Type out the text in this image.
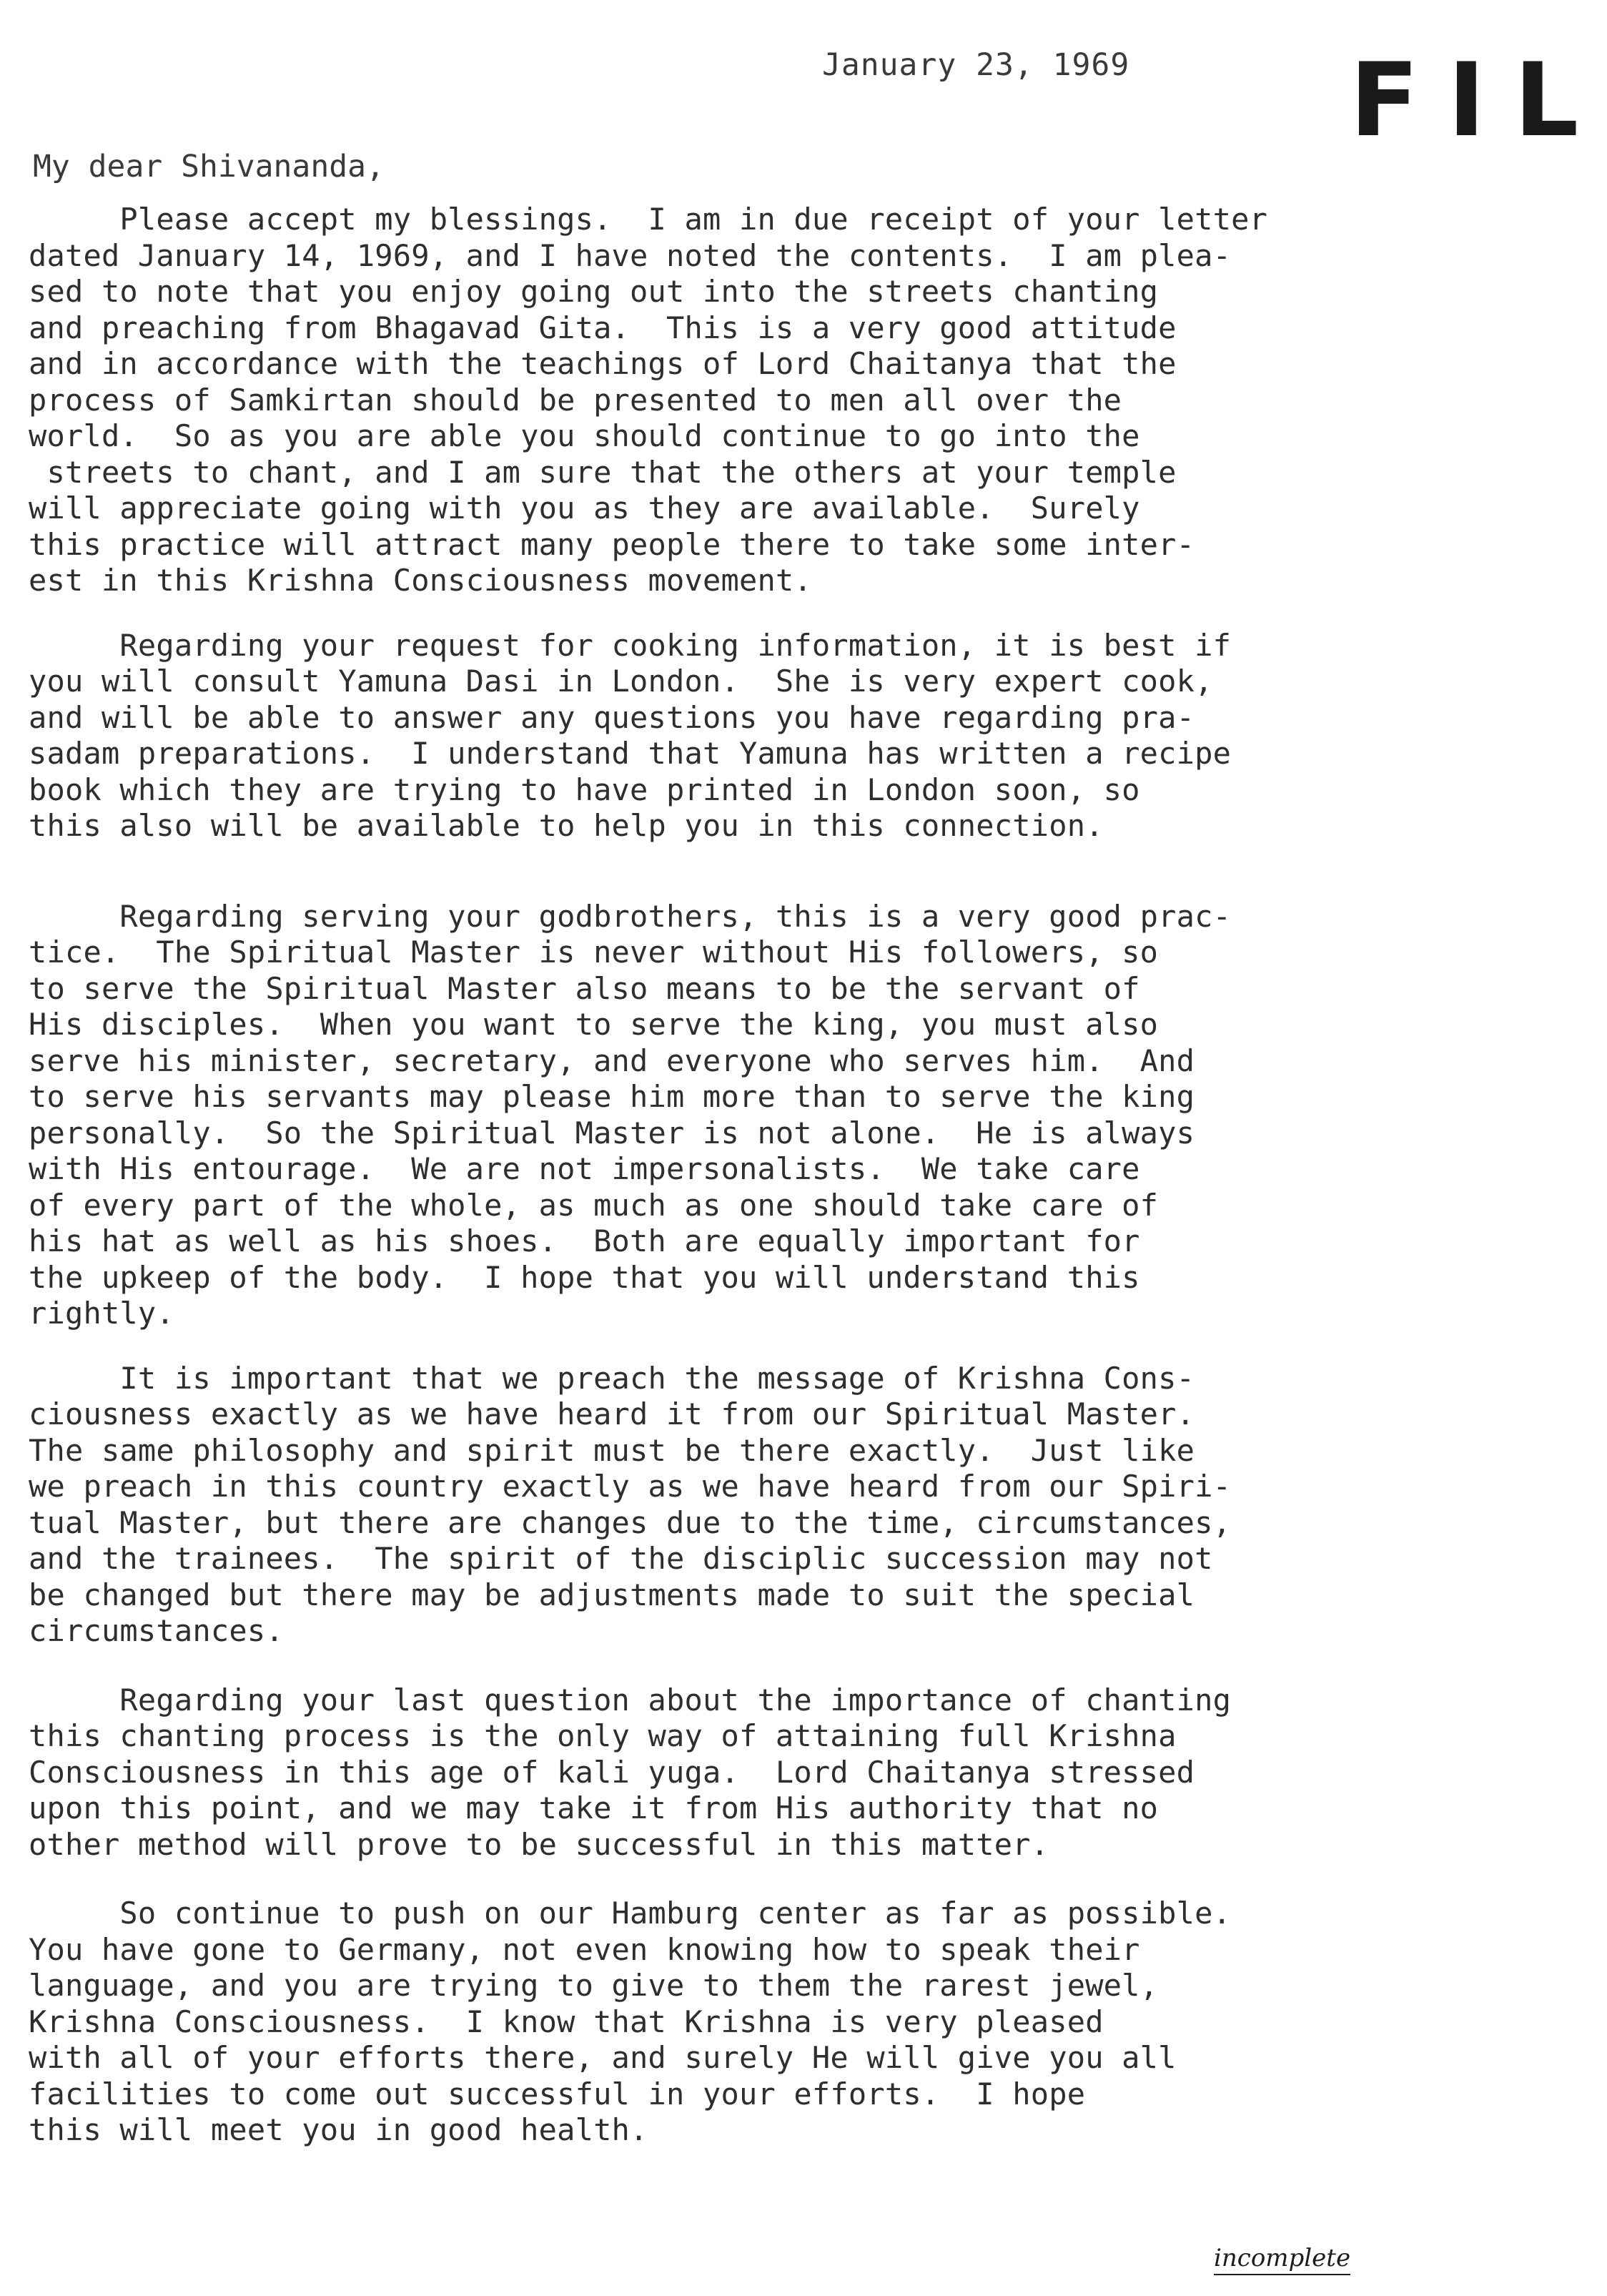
January 23, 1969 FIL
My dear Shivananda,
Please accept my blessings.  I am in due receipt of your letter
dated January 14, 1969, and I have noted the contents.  I am plea-
sed to note that you enjoy going out into the streets chanting
and preaching from Bhagavad Gita.  This is a very good attitude
and in accordance with the teachings of Lord Chaitanya that the
process of Samkirtan should be presented to men all over the
world.  So as you are able you should continue to go into the
streets to chant, and I am sure that the others at your temple
will appreciate going with you as they are available.  Surely
this practice will attract many people there to take some inter-
est in this Krishna Consciousness movement.
Regarding your request for cooking information, it is best if
you will consult Yamuna Dasi in London.  She is very expert cook,
and will be able to answer any questions you have regarding pra-
sadam preparations.  I understand that Yamuna has written a recipe
book which they are trying to have printed in London soon, so
this also will be available to help you in this connection.
Regarding serving your godbrothers, this is a very good prac-
tice.  The Spiritual Master is never without His followers, so
to serve the Spiritual Master also means to be the servant of
His disciples.  When you want to serve the king, you must also
serve his minister, secretary, and everyone who serves him.  And
to serve his servants may please him more than to serve the king
personally.  So the Spiritual Master is not alone.  He is always
with His entourage.  We are not impersonalists.  We take care
of every part of the whole, as much as one should take care of
his hat as well as his shoes.  Both are equally important for
the upkeep of the body.  I hope that you will understand this
rightly.
It is important that we preach the message of Krishna Cons-
ciousness exactly as we have heard it from our Spiritual Master.
The same philosophy and spirit must be there exactly.  Just like
we preach in this country exactly as we have heard from our Spiri-
tual Master, but there are changes due to the time, circumstances,
and the trainees.  The spirit of the disciplic succession may not
be changed but there may be adjustments made to suit the special
circumstances.
Regarding your last question about the importance of chanting
this chanting process is the only way of attaining full Krishna
Consciousness in this age of kali yuga.  Lord Chaitanya stressed
upon this point, and we may take it from His authority that no
other method will prove to be successful in this matter.
So continue to push on our Hamburg center as far as possible.
You have gone to Germany, not even knowing how to speak their
language, and you are trying to give to them the rarest jewel,
Krishna Consciousness.  I know that Krishna is very pleased
with all of your efforts there, and surely He will give you all
facilities to come out successful in your efforts.  I hope
this will meet you in good health.
incomplete
